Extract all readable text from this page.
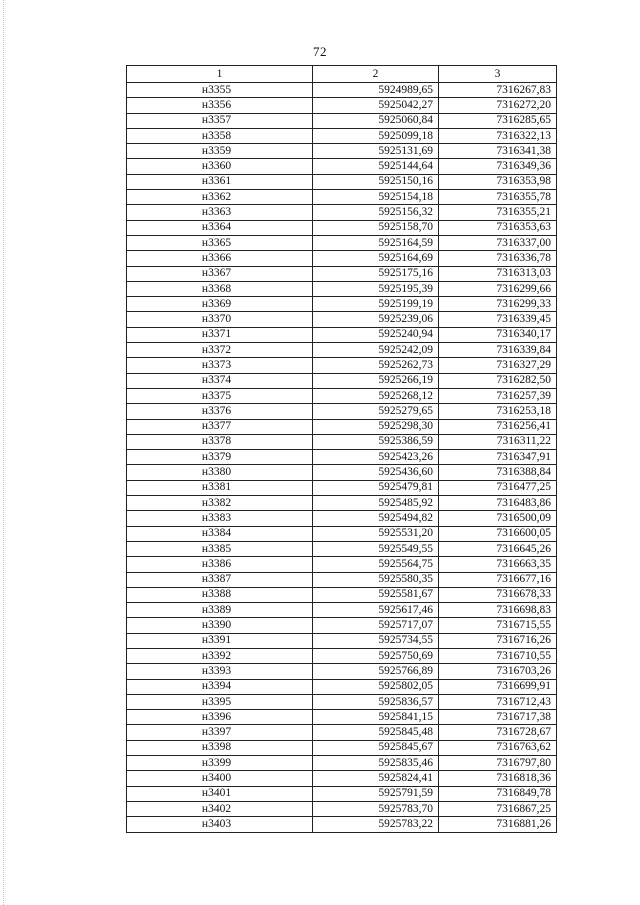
72
1	2	3
н3355	5924989,65	7316267,83
н3356	5925042,27	7316272,20
н3357	5925060,84	7316285,65
н3358	5925099,18	7316322,13
н3359	5925131,69	7316341,38
н3360	5925144,64	7316349,36
н3361	5925150,16	7316353,98
н3362	5925154,18	7316355,78
н3363	5925156,32	7316355,21
н3364	5925158,70	7316353,63
н3365	5925164,59	7316337,00
н3366	5925164,69	7316336,78
н3367	5925175,16	7316313,03
н3368	5925195,39	7316299,66
н3369	5925199,19	7316299,33
н3370	5925239,06	7316339,45
н3371	5925240,94	7316340,17
н3372	5925242,09	7316339,84
н3373	5925262,73	7316327,29
н3374	5925266,19	7316282,50
н3375	5925268,12	7316257,39
н3376	5925279,65	7316253,18
н3377	5925298,30	7316256,41
н3378	5925386,59	7316311,22
н3379	5925423,26	7316347,91
н3380	5925436,60	7316388,84
н3381	5925479,81	7316477,25
н3382	5925485,92	7316483,86
н3383	5925494,82	7316500,09
н3384	5925531,20	7316600,05
н3385	5925549,55	7316645,26
н3386	5925564,75	7316663,35
н3387	5925580,35	7316677,16
н3388	5925581,67	7316678,33
н3389	5925617,46	7316698,83
н3390	5925717,07	7316715,55
н3391	5925734,55	7316716,26
н3392	5925750,69	7316710,55
н3393	5925766,89	7316703,26
н3394	5925802,05	7316699,91
н3395	5925836,57	7316712,43
н3396	5925841,15	7316717,38
н3397	5925845,48	7316728,67
н3398	5925845,67	7316763,62
н3399	5925835,46	7316797,80
н3400	5925824,41	7316818,36
н3401	5925791,59	7316849,78
н3402	5925783,70	7316867,25
н3403	5925783,22	7316881,26
